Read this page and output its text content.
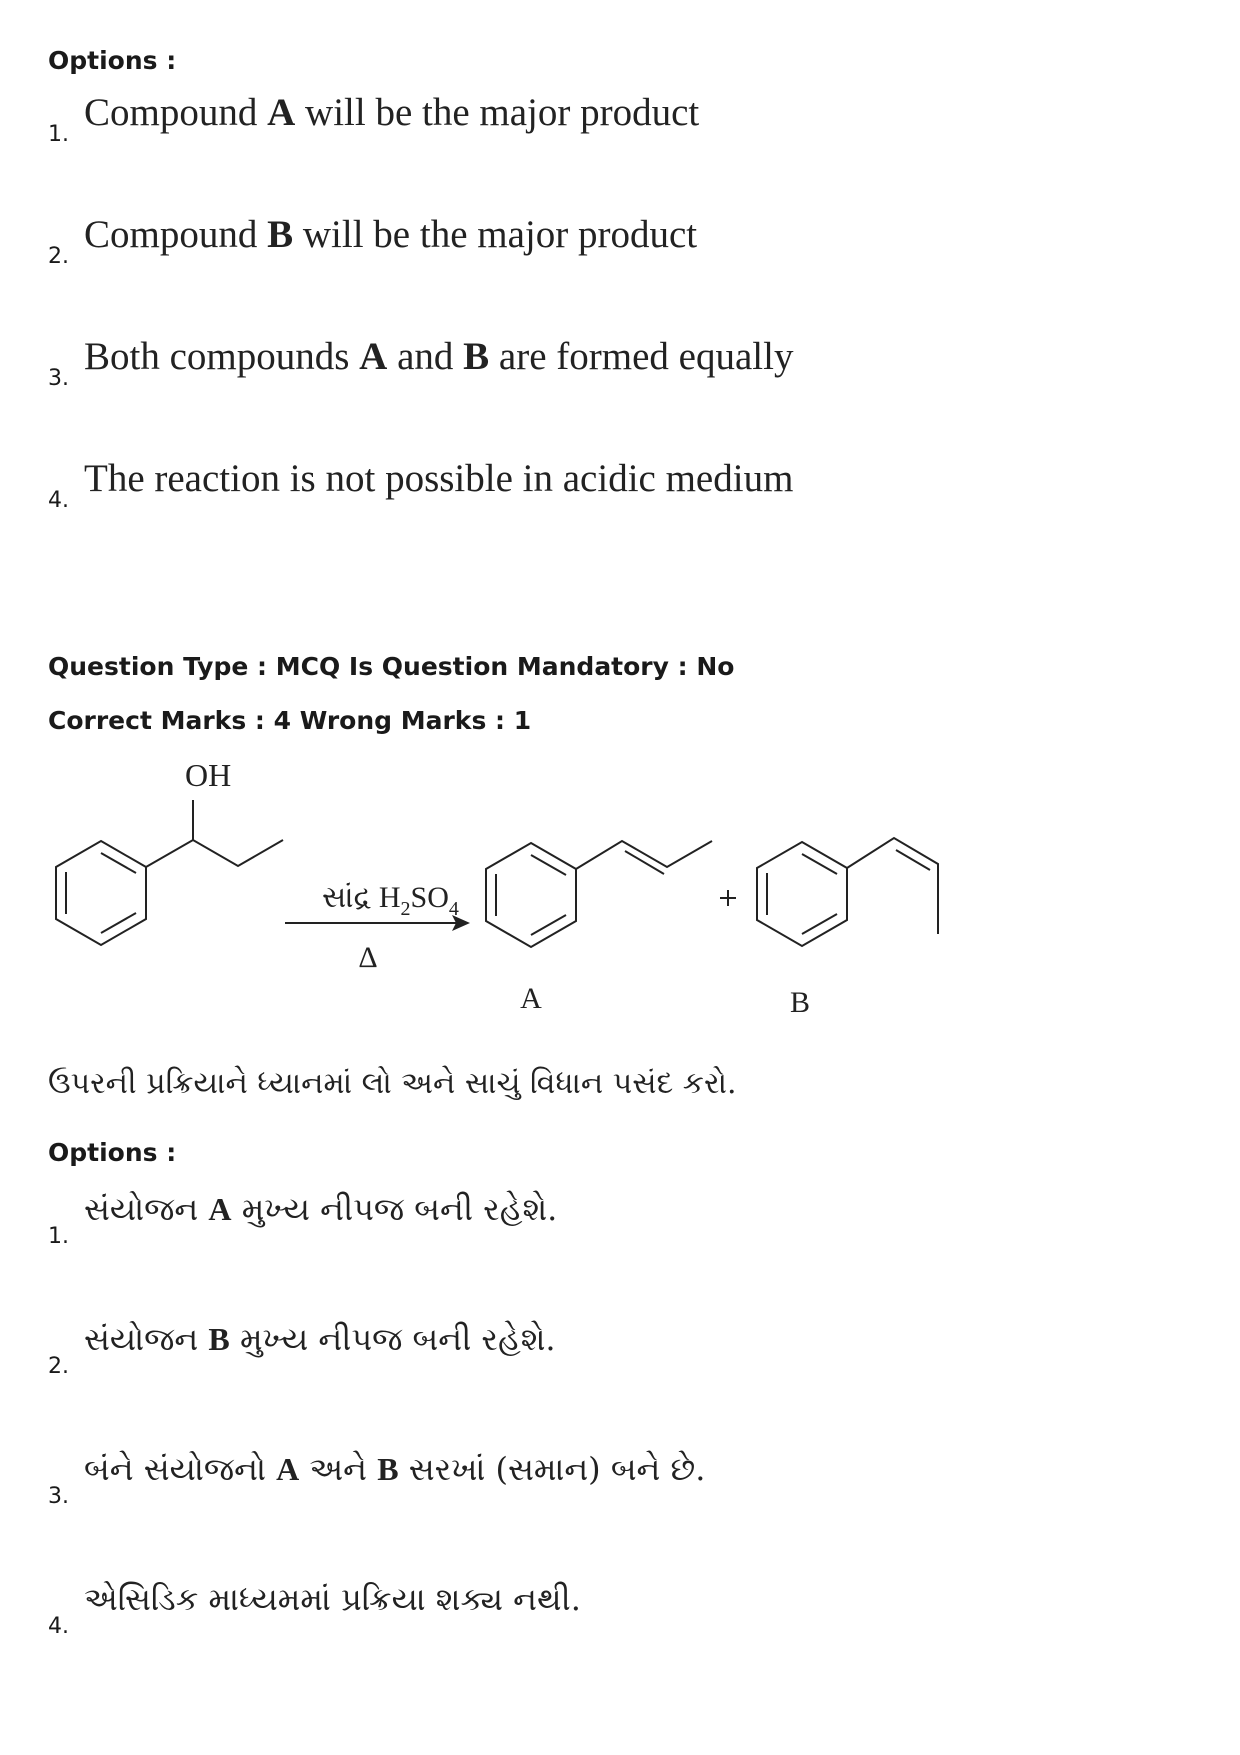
Options :
1.
Compound A will be the major product
2.
Compound B will be the major product
3.
Both compounds A and B are formed equally
4.
The reaction is not possible in acidic medium
Question Type : MCQ Is Question Mandatory : No
Correct Marks : 4 Wrong Marks : 1
OH
સાંદ્ર $H_2SO_4$
Δ
A	B
ઉપરની પ્રક્રિયાને ધ્યાનમાં લો અને સાચું વિધાન પસંદ કરો.
Options :
1.
સંયોજન A મુખ્ય નીપજ બની રહેશે.
2.
સંયોજન B મુખ્ય નીપજ બની રહેશે.
3.
બંને સંયોજનો A અને B સરખાં (સમાન) બને છે.
4.
એસિડિક માધ્યમમાં પ્રક્રિયા શક્ય નથી.
